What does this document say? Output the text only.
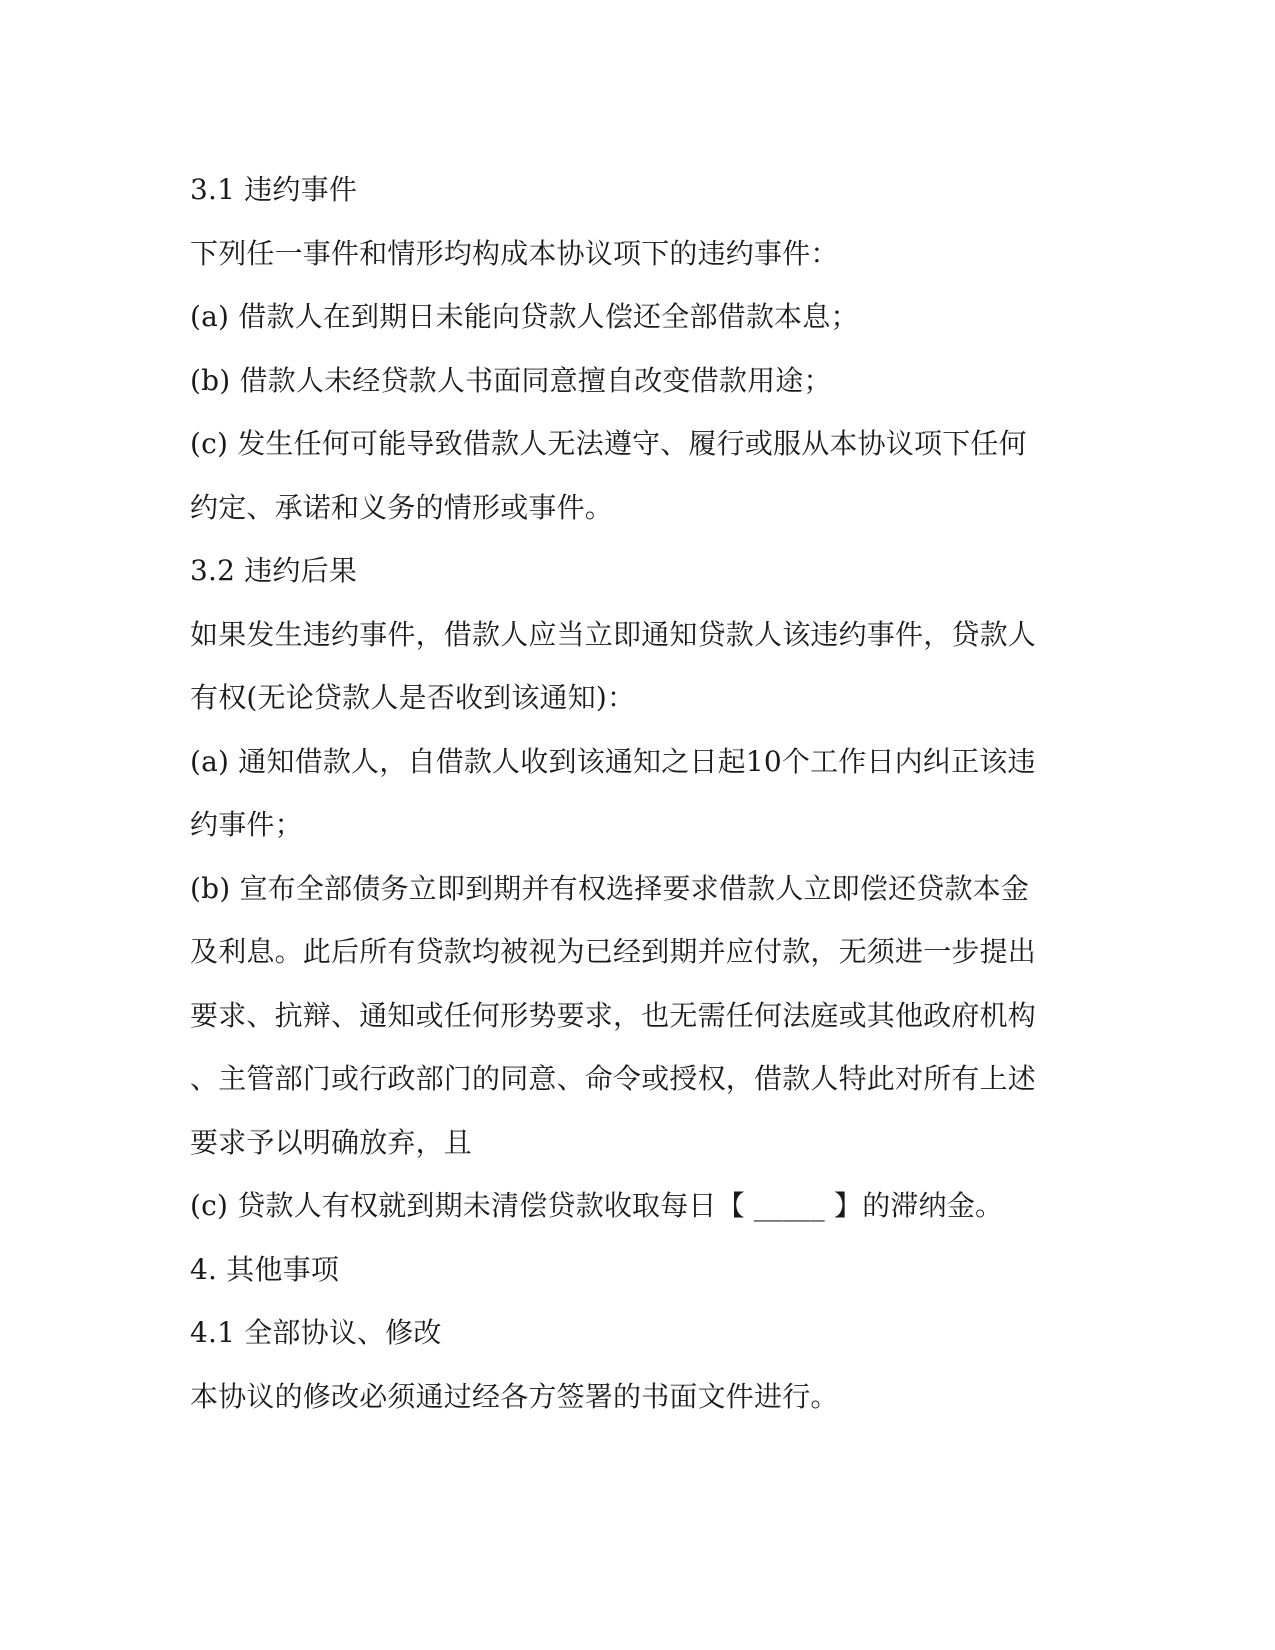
3.1 违约事件
下列任一事件和情形均构成本协议项下的违约事件：
(a) 借款人在到期日未能向贷款人偿还全部借款本息；
(b) 借款人未经贷款人书面同意擅自改变借款用途；
(c) 发生任何可能导致借款人无法遵守、履行或服从本协议项下任何
约定、承诺和义务的情形或事件。
3.2 违约后果
如果发生违约事件，借款人应当立即通知贷款人该违约事件，贷款人
有权(无论贷款人是否收到该通知)：
(a) 通知借款人，自借款人收到该通知之日起10个工作日内纠正该违
约事件；
(b) 宣布全部债务立即到期并有权选择要求借款人立即偿还贷款本金
及利息。此后所有贷款均被视为已经到期并应付款，无须进一步提出
要求、抗辩、通知或任何形势要求，也无需任何法庭或其他政府机构
、主管部门或行政部门的同意、命令或授权，借款人特此对所有上述
要求予以明确放弃，且
(c) 贷款人有权就到期未清偿贷款收取每日【 _____ 】的滞纳金。
4. 其他事项
4.1 全部协议、修改
本协议的修改必须通过经各方签署的书面文件进行。
